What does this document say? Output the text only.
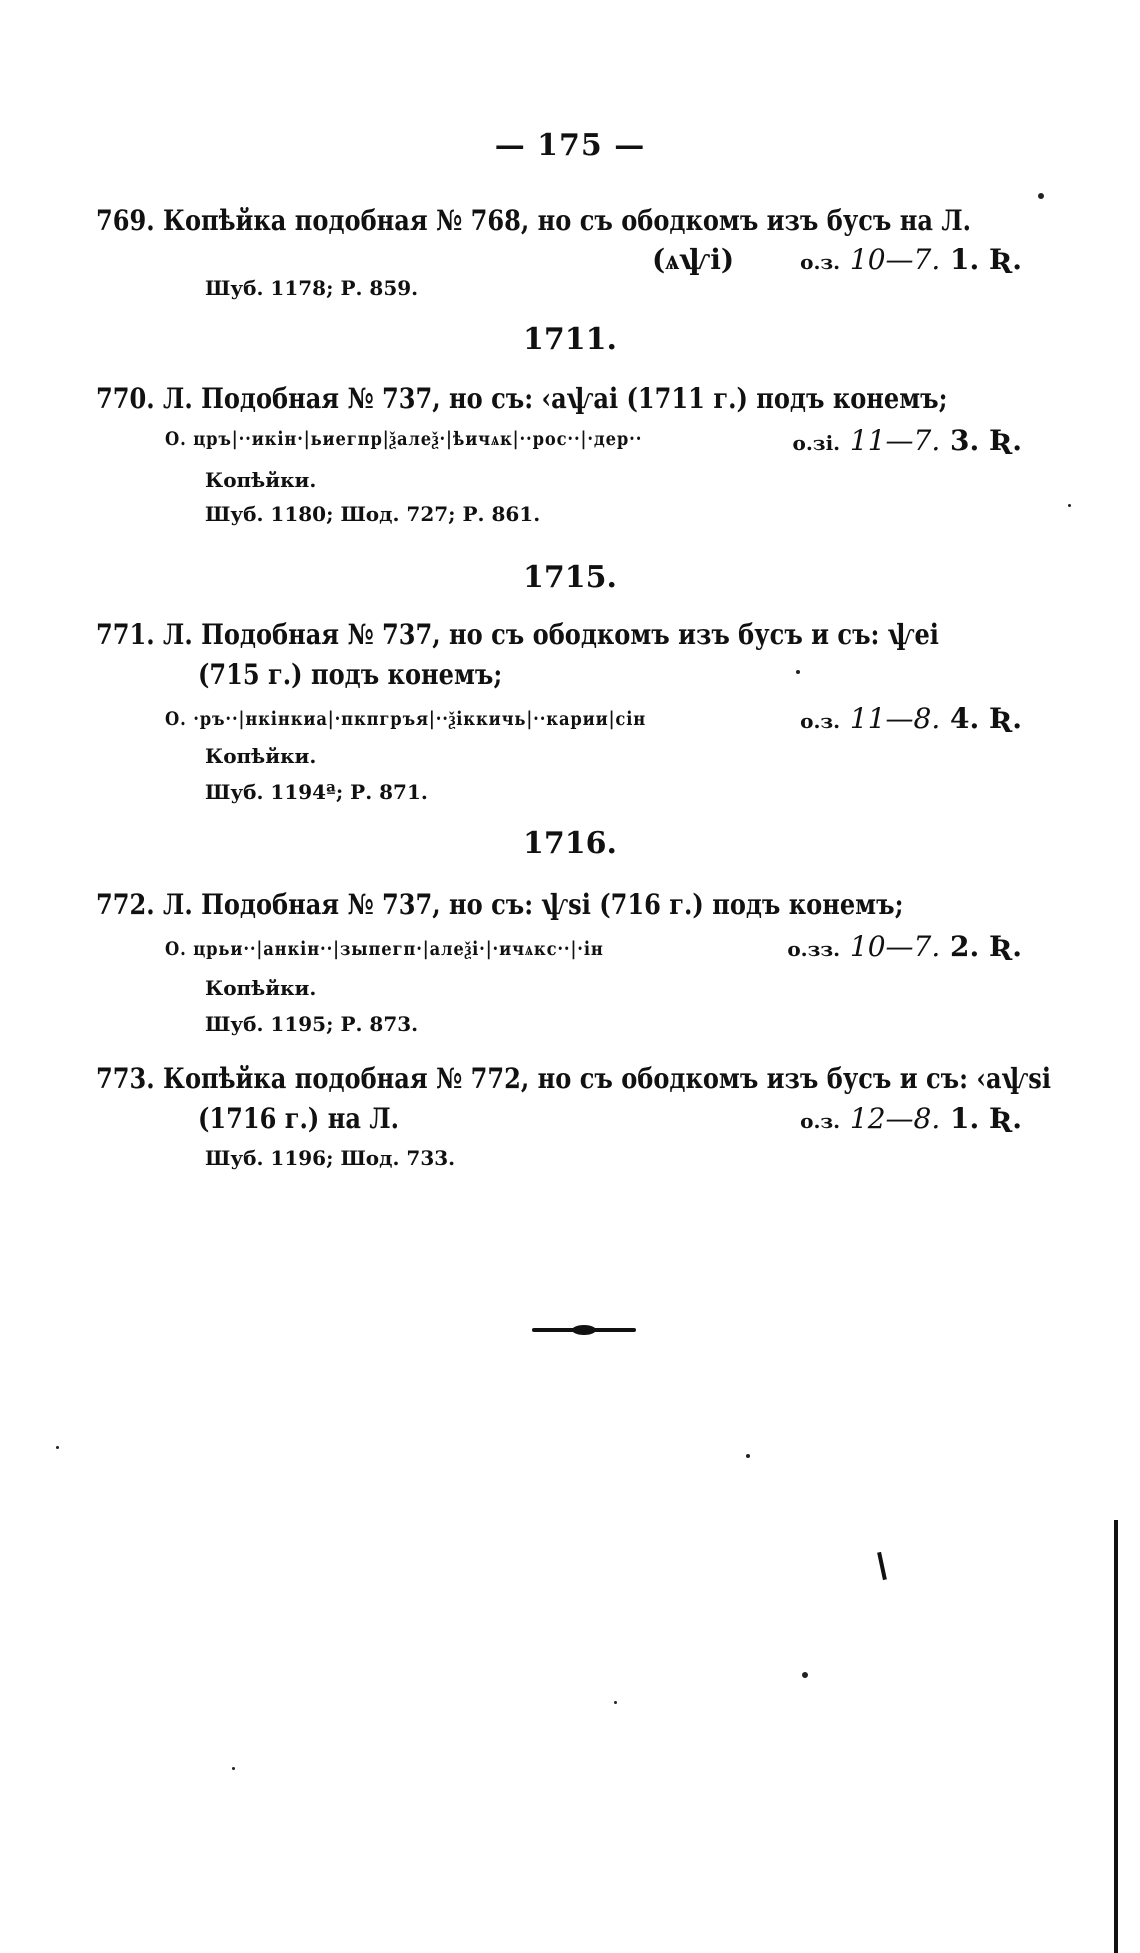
— 175 —
769. Копѣйка подобная № 768, но съ ободкомъ изъ бусъ на Л.
(ѧѱі)	о.з. 10—7. 1. Ʀ.
Шуб. 1178; Р. 859.
1711.
770. Л. Подобная № 737, но съ: ‹аѱаі (1711 г.) подъ конемъ;
О. цръ|··икін·|ьиегпр|ѯалеѯ·|ѣичѧк|··рос··|·дер··	о.зі. 11—7. 3. Ʀ.
Копѣйки.
Шуб. 1180; Шод. 727; Р. 861.
1715.
771. Л. Подобная № 737, но съ ободкомъ изъ бусъ и съ: ѱеі
(715 г.) подъ конемъ;
О. ·ръ··|нкінкиа|·пкпгръя|··ѯіккичь|··карии|сін	о.з. 11—8. 4. Ʀ.
Копѣйки.
Шуб. 1194ª; Р. 871.
1716.
772. Л. Подобная № 737, но съ: ѱsі (716 г.) подъ конемъ;
О. црьи··|анкін··|зыпегп·|алеѯі·|·ичѧкс··|·ін	о.зз. 10—7. 2. Ʀ.
Копѣйки.
Шуб. 1195; Р. 873.
773. Копѣйка подобная № 772, но съ ободкомъ изъ бусъ и съ: ‹аѱsі
(1716 г.) на Л.	о.з. 12—8. 1. Ʀ.
Шуб. 1196; Шод. 733.
